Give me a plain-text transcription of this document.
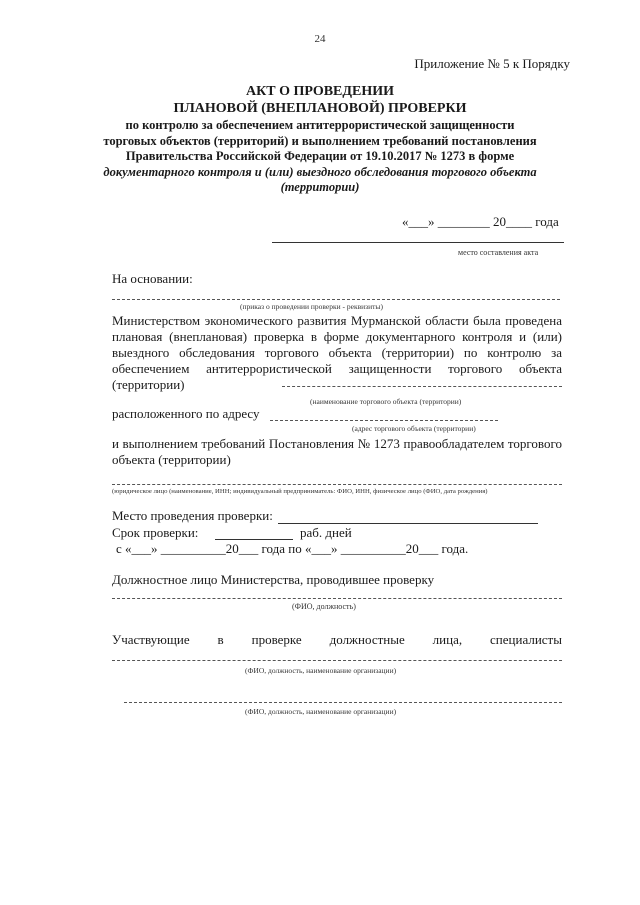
24
Приложение № 5 к Порядку
АКТ О ПРОВЕДЕНИИ
ПЛАНОВОЙ (ВНЕПЛАНОВОЙ) ПРОВЕРКИ
по контролю за обеспечением антитеррористической защищенности торговых объектов (территорий) и выполнением требований постановления Правительства Российской Федерации от 19.10.2017 № 1273 в форме документарного контроля и (или) выездного обследования торгового объекта (территории)
«___» ________ 20____ года
место составления акта
На основании:
(приказ о проведении проверки - реквизиты)
Министерством экономического развития Мурманской области была проведена плановая (внеплановая) проверка в форме документарного контроля и (или) выездного обследования торгового объекта (территории) по контролю за обеспечением антитеррористической защищенности торгового объекта (территории)
(наименование торгового объекта (территории)
расположенного по адресу
(адрес торгового объекта (территории)
и выполнением требований Постановления № 1273 правообладателем торгового объекта (территории)
(юридическое лицо (наименование, ИНН; индивидуальный предприниматель: ФИО, ИНН, физическое лицо (ФИО, дата рождения)
Место проведения проверки:
Срок проверки:	раб. дней
с «___» __________20___ года по «___» __________20___ года.
Должностное лицо Министерства, проводившее проверку
(ФИО, должность)
Участвующие в проверке должностные лица, специалисты
(ФИО, должность, наименование организации)
(ФИО, должность, наименование организации)
